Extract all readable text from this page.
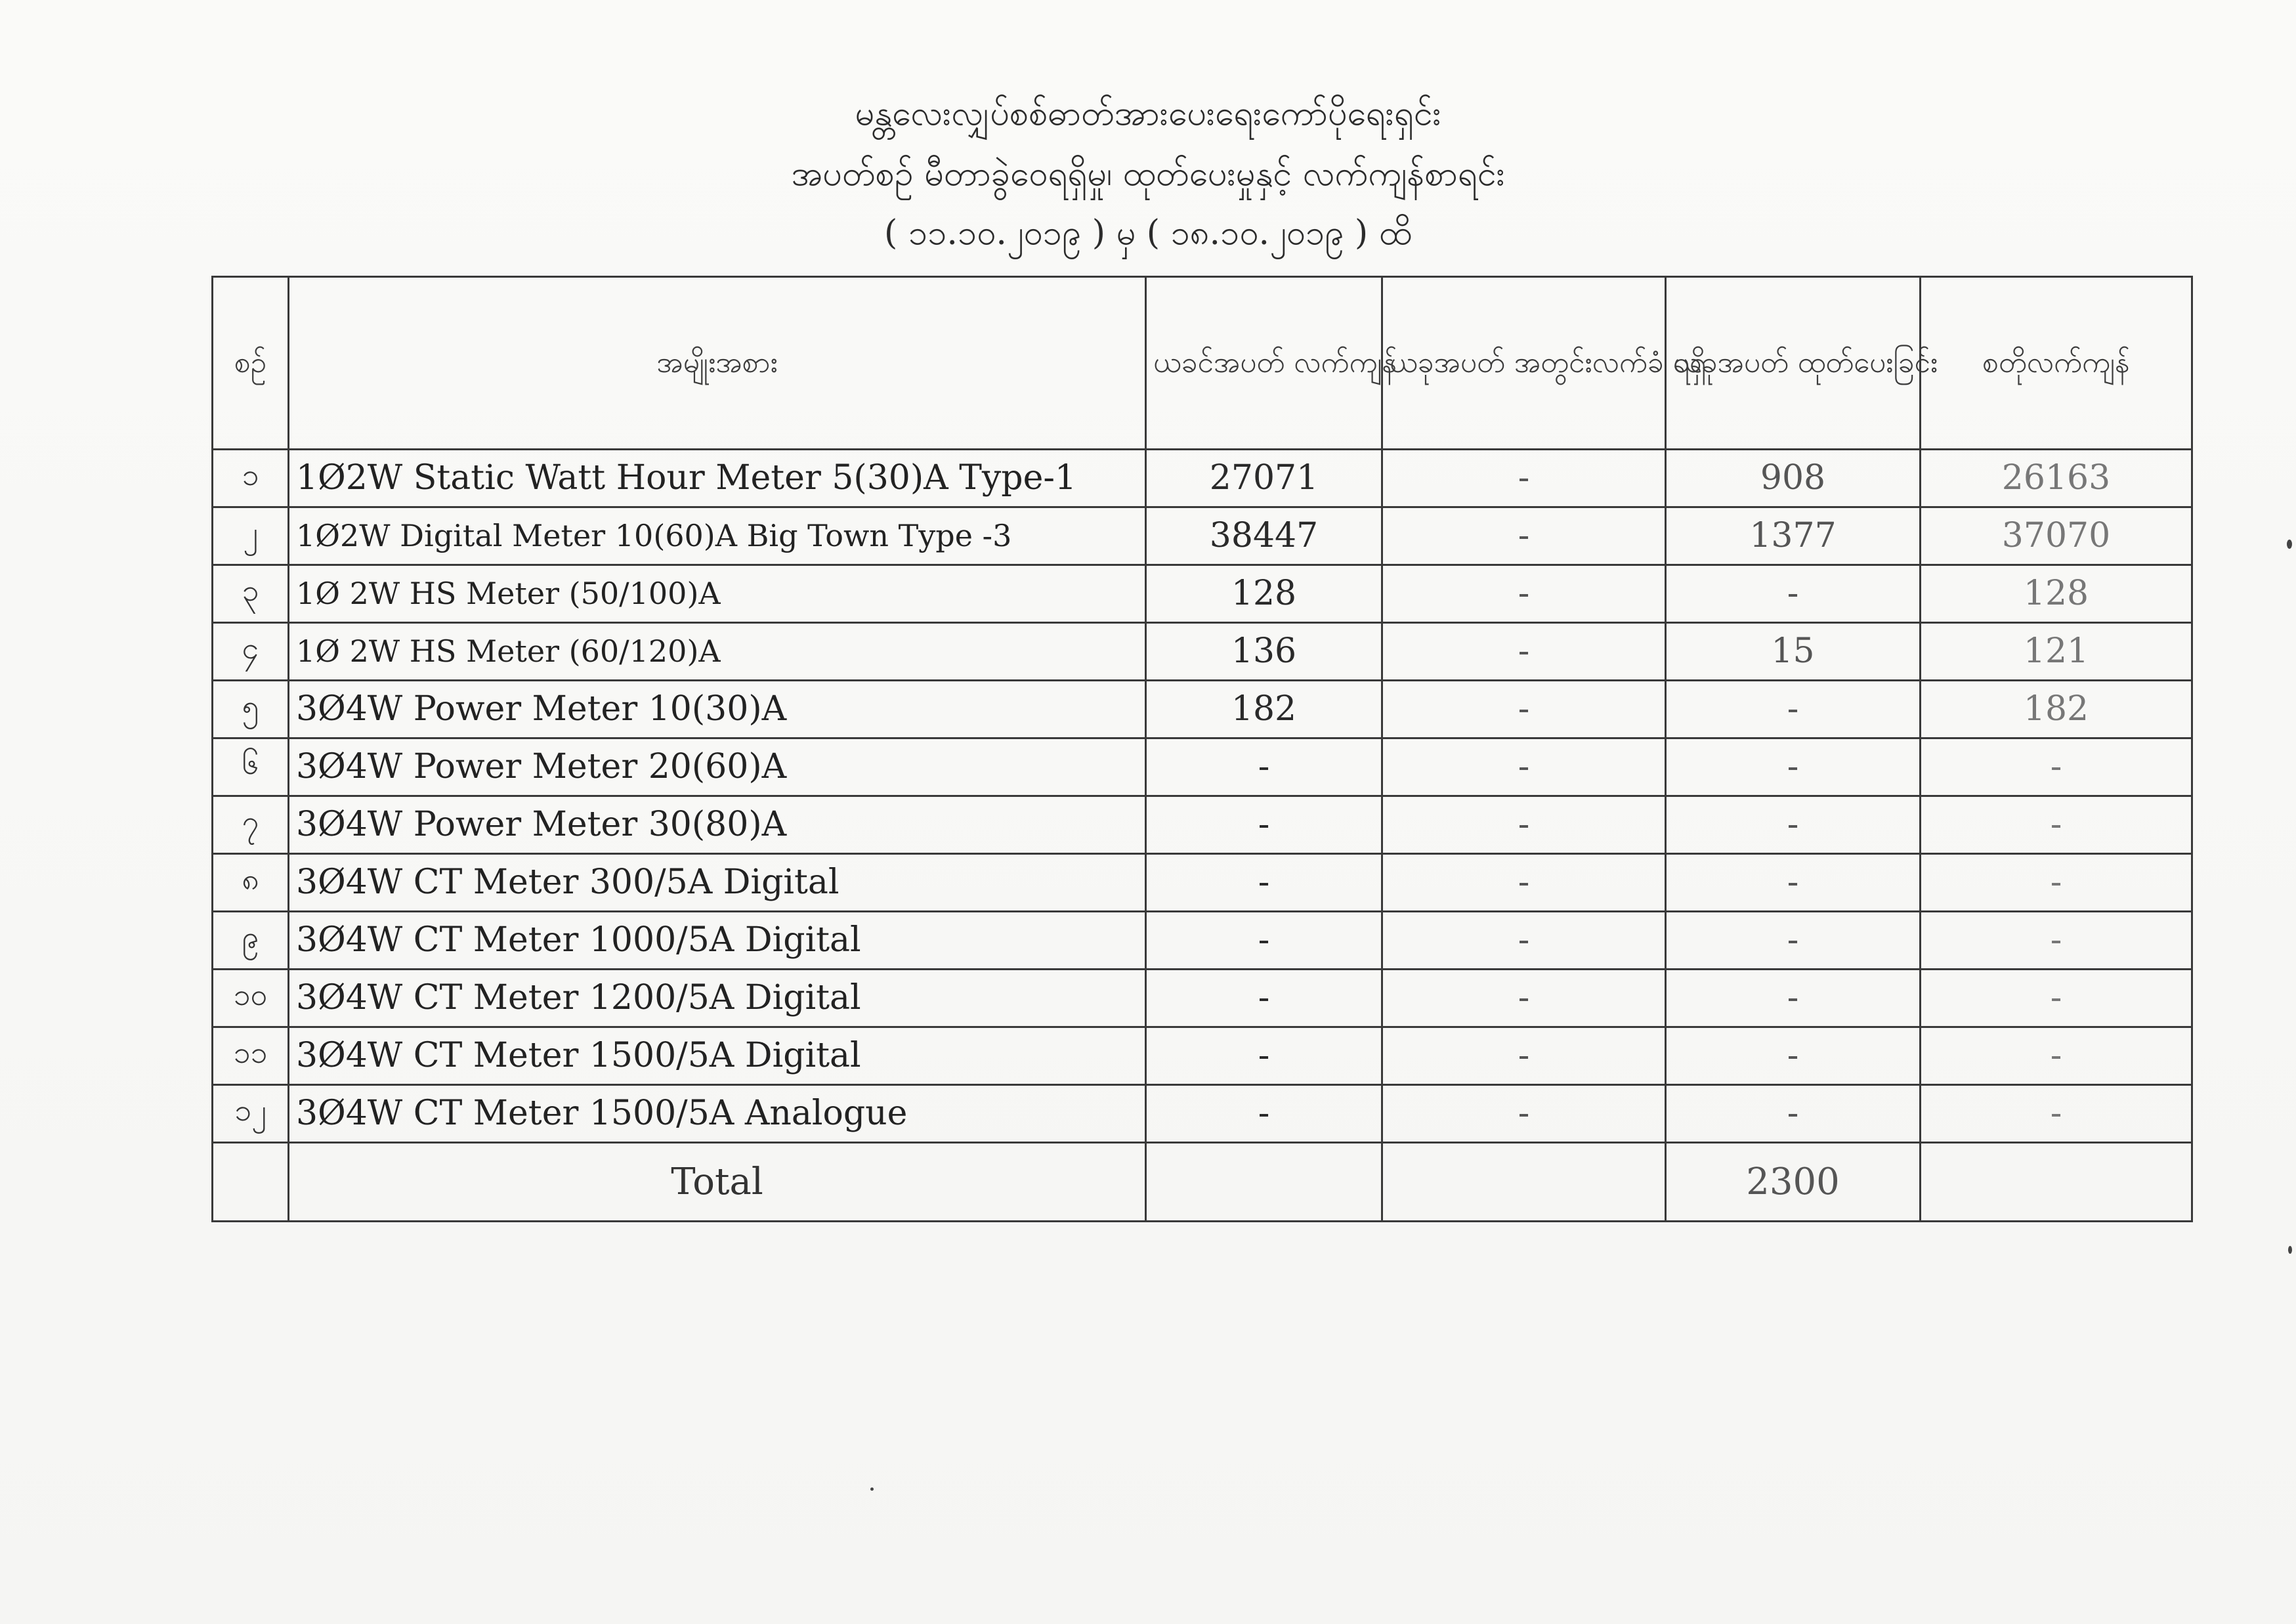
မန္တလေးလျှပ်စစ်ဓာတ်အားပေးရေးကော်ပိုရေးရှင်း
အပတ်စဉ် မီတာခွဲဝေရရှိမှု၊ ထုတ်ပေးမှုနှင့် လက်ကျန်စာရင်း
( ၁၁.၁၀.၂၀၁၉ ) မှ ( ၁၈.၁၀.၂၀၁၉ ) ထိ
စဉ်	အမျိုးအစား	ယခင်အပတ် လက်ကျန်	ယခုအပတ် အတွင်းလက်ခံ ရရှိ	ယခုအပတ် ထုတ်ပေးခြင်း	စတိုလက်ကျန်
၁	1Ø2W Static Watt Hour Meter 5(30)A Type-1	27071	-	908	26163
၂	1Ø2W Digital Meter 10(60)A Big Town Type -3	38447	-	1377	37070
၃	1Ø 2W HS Meter (50/100)A	128	-	-	128
၄	1Ø 2W HS Meter (60/120)A	136	-	15	121
၅	3Ø4W Power Meter 10(30)A	182	-	-	182
၆	3Ø4W Power Meter 20(60)A	-	-	-	-
၇	3Ø4W Power Meter 30(80)A	-	-	-	-
၈	3Ø4W CT Meter 300/5A Digital	-	-	-	-
၉	3Ø4W CT Meter 1000/5A Digital	-	-	-	-
၁၀	3Ø4W CT Meter 1200/5A Digital	-	-	-	-
၁၁	3Ø4W CT Meter 1500/5A Digital	-	-	-	-
၁၂	3Ø4W CT Meter 1500/5A Analogue	-	-	-	-
	Total			2300	
